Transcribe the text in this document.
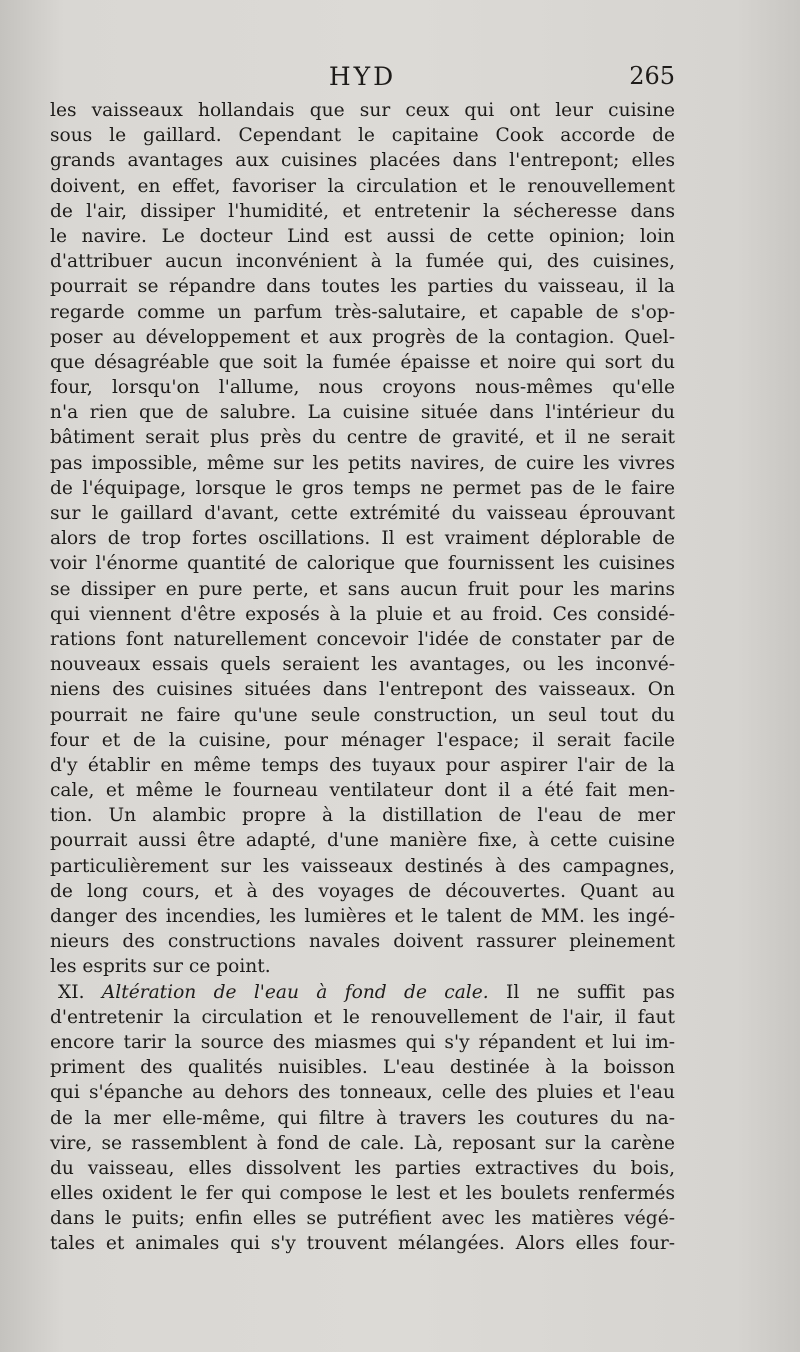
HYD	265
les vaisseaux hollandais que sur ceux qui ont leur cuisine
sous le gaillard. Cependant le capitaine Cook accorde de
grands avantages aux cuisines placées dans l'entrepont; elles
doivent, en effet, favoriser la circulation et le renouvellement
de l'air, dissiper l'humidité, et entretenir la sécheresse dans
le navire. Le docteur Lind est aussi de cette opinion; loin
d'attribuer aucun inconvénient à la fumée qui, des cuisines,
pourrait se répandre dans toutes les parties du vaisseau, il la
regarde comme un parfum très-salutaire, et capable de s'op-
poser au développement et aux progrès de la contagion. Quel-
que désagréable que soit la fumée épaisse et noire qui sort du
four, lorsqu'on l'allume, nous croyons nous-mêmes qu'elle
n'a rien que de salubre. La cuisine située dans l'intérieur du
bâtiment serait plus près du centre de gravité, et il ne serait
pas impossible, même sur les petits navires, de cuire les vivres
de l'équipage, lorsque le gros temps ne permet pas de le faire
sur le gaillard d'avant, cette extrémité du vaisseau éprouvant
alors de trop fortes oscillations. Il est vraiment déplorable de
voir l'énorme quantité de calorique que fournissent les cuisines
se dissiper en pure perte, et sans aucun fruit pour les marins
qui viennent d'être exposés à la pluie et au froid. Ces considé-
rations font naturellement concevoir l'idée de constater par de
nouveaux essais quels seraient les avantages, ou les inconvé-
niens des cuisines situées dans l'entrepont des vaisseaux. On
pourrait ne faire qu'une seule construction, un seul tout du
four et de la cuisine, pour ménager l'espace; il serait facile
d'y établir en même temps des tuyaux pour aspirer l'air de la
cale, et même le fourneau ventilateur dont il a été fait men-
tion. Un alambic propre à la distillation de l'eau de mer
pourrait aussi être adapté, d'une manière fixe, à cette cuisine
particulièrement sur les vaisseaux destinés à des campagnes,
de long cours, et à des voyages de découvertes. Quant au
danger des incendies, les lumières et le talent de MM. les ingé-
nieurs des constructions navales doivent rassurer pleinement
les esprits sur ce point.
XI. Altération de l'eau à fond de cale. Il ne suffit pas
d'entretenir la circulation et le renouvellement de l'air, il faut
encore tarir la source des miasmes qui s'y répandent et lui im-
priment des qualités nuisibles. L'eau destinée à la boisson
qui s'épanche au dehors des tonneaux, celle des pluies et l'eau
de la mer elle-même, qui filtre à travers les coutures du na-
vire, se rassemblent à fond de cale. Là, reposant sur la carène
du vaisseau, elles dissolvent les parties extractives du bois,
elles oxident le fer qui compose le lest et les boulets renfermés
dans le puits; enfin elles se putréfient avec les matières végé-
tales et animales qui s'y trouvent mélangées. Alors elles four-
